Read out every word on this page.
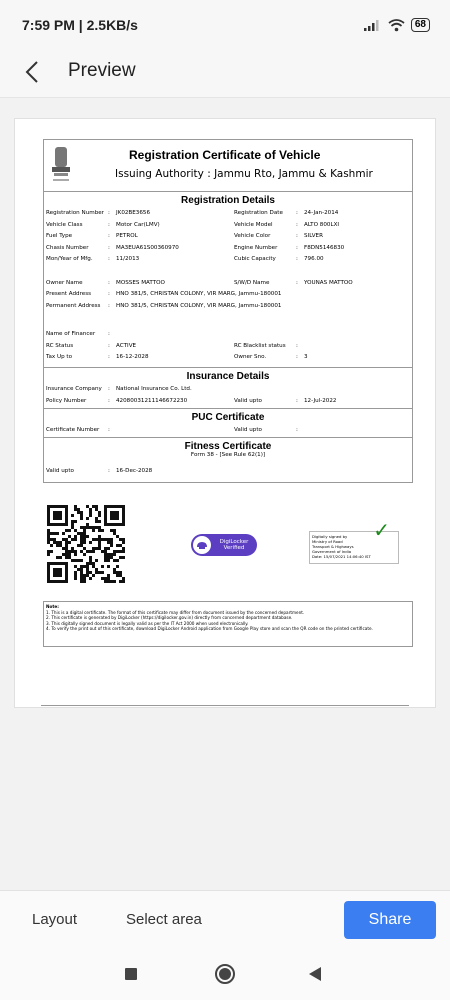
7:59 PM | 2.5KB/s	68
Preview
Registration Certificate of Vehicle
Issuing Authority : Jammu Rto, Jammu & Kashmir
Registration Details
Registration Number :	JK02BE3656	Registration Date	:	24-Jan-2014
Vehicle Class	:	Motor Car(LMV)	Vehicle Model	:	ALTO 800LXI
Fuel Type	:	PETROL	Vehicle Color	:	SILVER
Chasis Number	:	MA3EUA61S00360970	Engine Number	:	F8DN5146830
Mon/Year of Mfg.	:	11/2013	Cubic Capacity	:	796.00
Owner Name	:	MOSSES MATTOO	S/W/D Name	:	YOUNAS MATTOO
Present Address	:	HNO 381/5, CHRISTAN COLONY, VIR MARG, Jammu-180001
Permanent Address	:	HNO 381/5, CHRISTAN COLONY, VIR MARG, Jammu-180001
Name of Financer	:
RC Status	:	ACTIVE	RC Blacklist status	:
Tax Up to	:	16-12-2028	Owner Sno.	:	3
Insurance Details
Insurance Company	:	National Insurance Co. Ltd.
Policy Number	:	42080031211146672230	Valid upto	:	12-Jul-2022
PUC Certificate
Certificate Number	:	Valid upto	:
Fitness Certificate
Form 38 - [See Rule 62(1)]
Valid upto	:	16-Dec-2028
DigiLocker
Verified
Digitally signed by
Ministry of Road
Transport & Highways
Government of India
Date: 15/07/2021 14:06:40 IST
✓
Note:
1. This is a digital certificate. The format of this certificate may differ from document issued by the concerned department.
2. This certificate is generated by DigiLocker (https://digilocker.gov.in) directly from concerned department database.
3. This digitally signed document is legally valid as per the IT Act 2000 when used electronically.
4. To verify the print out of this certificate, download DigiLocker Android application from Google Play store and scan the QR code on the printed certificate.
Layout	Select area	Share
